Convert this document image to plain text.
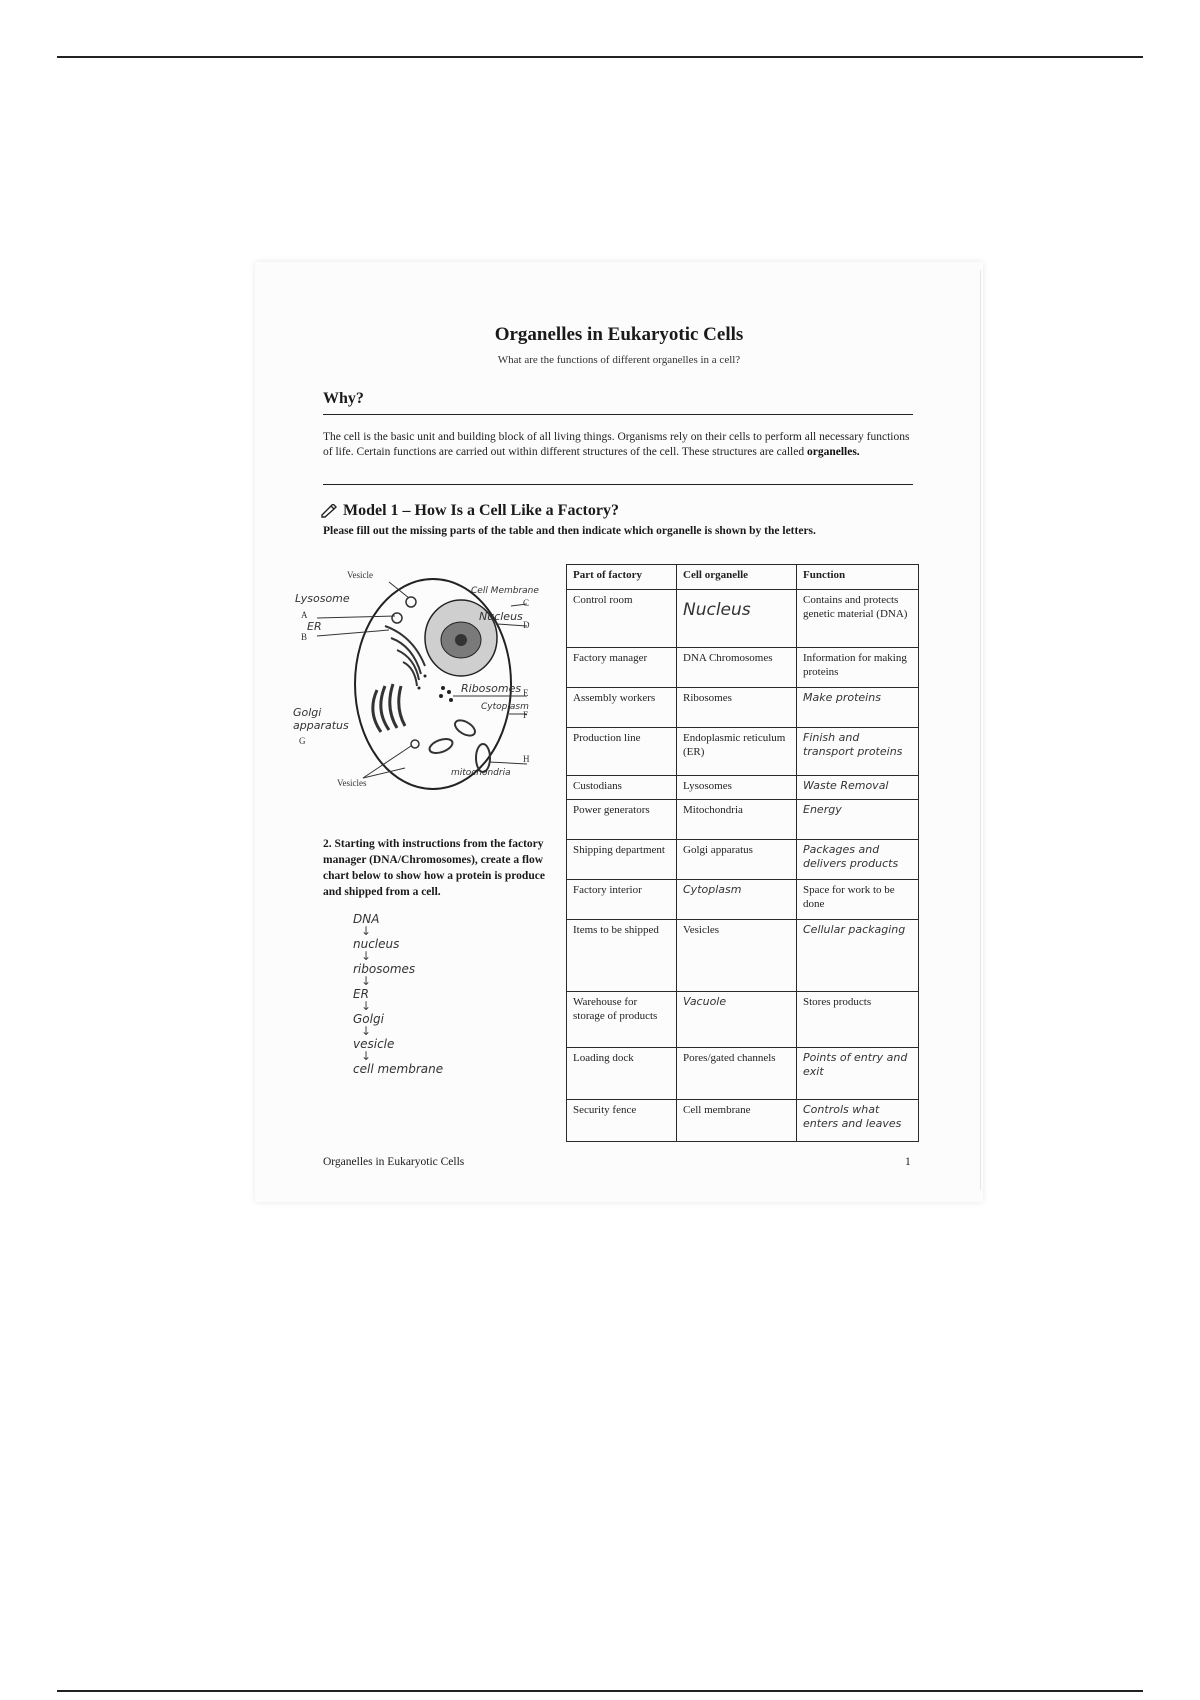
Organelles in Eukaryotic Cells
What are the functions of different organelles in a cell?
Why?
The cell is the basic unit and building block of all living things. Organisms rely on their cells to perform all necessary functions of life. Certain functions are carried out within different structures of the cell. These structures are called organelles.
Model 1 – How Is a Cell Like a Factory?
Please fill out the missing parts of the table and then indicate which organelle is shown by the letters.
Vesicle
Lysosome
A
ER
B
Cell Membrane
C
Nucleus
D
Ribosomes E
Cytoplasm
F
Golgi apparatus
G
H
mitochondria
Vesicles
2. Starting with instructions from the factory manager (DNA/Chromosomes), create a flow chart below to show how a protein is produce and shipped from a cell.
DNA
↓
nucleus
↓
ribosomes
↓
ER
↓
Golgi
↓
vesicle
↓
cell membrane
Part of factory	Cell organelle	Function
Control room	Nucleus	Contains and protects genetic material (DNA)
Factory manager	DNA Chromosomes	Information for making proteins
Assembly workers	Ribosomes	Make proteins
Production line	Endoplasmic reticulum (ER)	Finish and transport proteins
Custodians	Lysosomes	Waste Removal
Power generators	Mitochondria	Energy
Shipping department	Golgi apparatus	Packages and delivers products
Factory interior	Cytoplasm	Space for work to be done
Items to be shipped	Vesicles	Cellular packaging
Warehouse for storage of products	Vacuole	Stores products
Loading dock	Pores/gated channels	Points of entry and exit
Security fence	Cell membrane	Controls what enters and leaves
Organelles in Eukaryotic Cells	1
